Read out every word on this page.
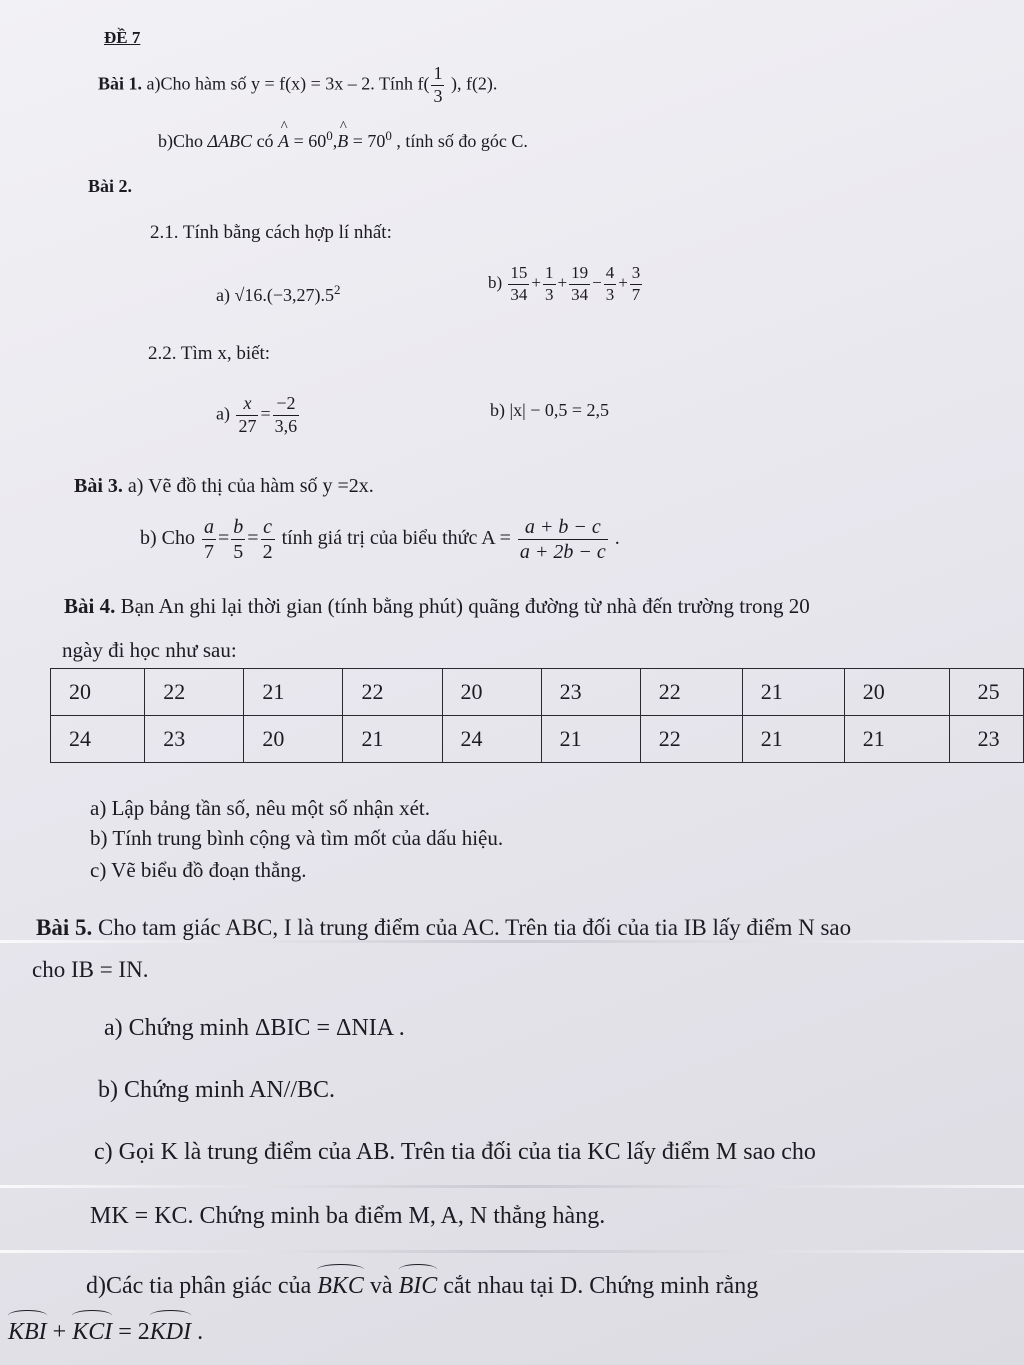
ĐỀ 7
Bài 1. a)Cho hàm số y = f(x) = 3x – 2. Tính $f( \frac{1}{3}$ ), f(2).
b)Cho ΔABC có ^ $A = 60^0,\^{}$ $B = 70^0$ , tính số đo góc C.
Bài 2.
2.1. Tính bằng cách hợp lí nhất:
a) $√16.(-3,27).5^2$	$b) \frac{15}{34} + \frac{1}{3} + \frac{19}{34} - \frac{4}{3} + \frac{3}{7}$
2.2. Tìm x, biết:
$a) \frac{x}{27} = \frac{-2}{3,6}$	b) |x| − 0,5 = 2,5
Bài 3. a) Vẽ đồ thị của hàm số y =2x.
b) Cho $\frac{a}{7} = \frac{b}{5} = \frac{c}{2}$ tính giá trị của biểu thức $A = \frac{a + b - c}{a + 2b - c}$ .
Bài 4. Bạn An ghi lại thời gian (tính bằng phút) quãng đường từ nhà đến trường trong 20
ngày đi học như sau:
20	22	21	22	20	23	22	21	20	25
24	23	20	21	24	21	22	21	21	23
a) Lập bảng tần số, nêu một số nhận xét.
b) Tính trung bình cộng và tìm mốt của dấu hiệu.
c) Vẽ biểu đồ đoạn thẳng.
Bài 5. Cho tam giác ABC, I là trung điểm của AC. Trên tia đối của tia IB lấy điểm N sao
cho IB = IN.
a) Chứng minh ΔBIC = ΔNIA .
b) Chứng minh AN//BC.
c) Gọi K là trung điểm của AB. Trên tia đối của tia KC lấy điểm M sao cho
MK = KC. Chứng minh ba điểm M, A, N thẳng hàng.
d)Các tia phân giác của BKC và BIC cắt nhau tại D. Chứng minh rằng
KBI + KCI = 2KDI .
